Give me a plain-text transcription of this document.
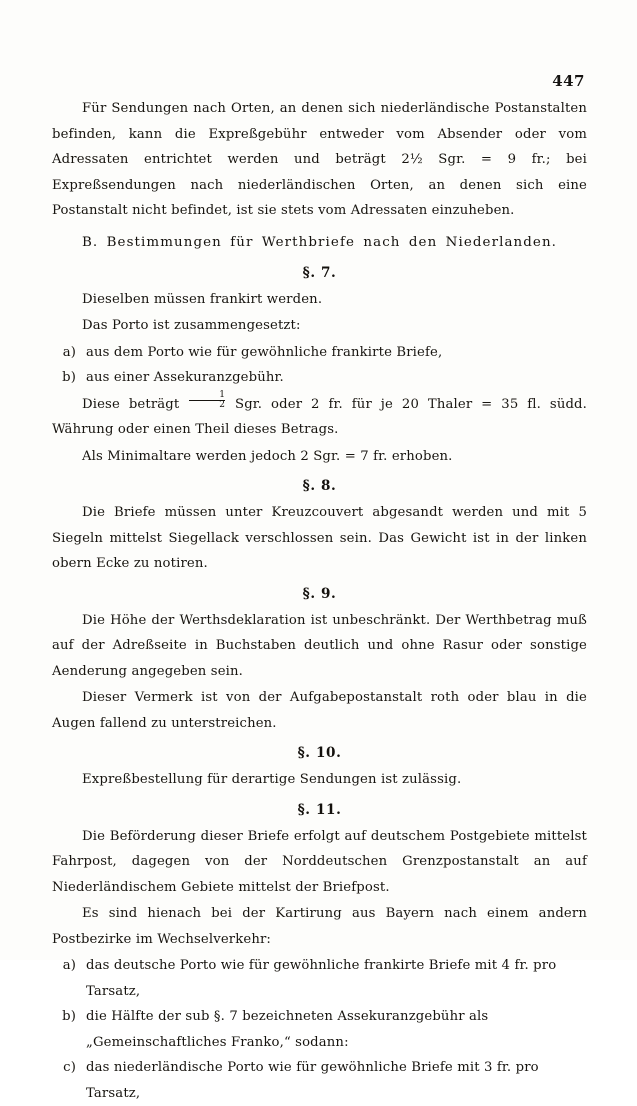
447

Für Sendungen nach Orten, an denen sich niederländische Postanstalten befinden, kann die Expreßgebühr entweder vom Absender oder vom Adressaten entrichtet werden und beträgt 2½ Sgr. = 9 fr.; bei Expreßsendungen nach niederländischen Orten, an denen sich eine Postanstalt nicht befindet, ist sie stets vom Adressaten einzuheben.

B. Bestimmungen für Werthbriefe nach den Niederlanden.

§. 7.

Dieselben müssen frankirt werden.

Das Porto ist zusammengesetzt:

a) aus dem Porto wie für gewöhnliche frankirte Briefe,
b) aus einer Assekuranzgebühr.

Diese beträgt $\frac{1}{2}$ Sgr. oder 2 fr. für je 20 Thaler = 35 fl. südd. Währung oder einen Theil dieses Betrags.

Als Minimaltare werden jedoch 2 Sgr. = 7 fr. erhoben.

§. 8.

Die Briefe müssen unter Kreuzcouvert abgesandt werden und mit 5 Siegeln mittelst Siegellack verschlossen sein. Das Gewicht ist in der linken obern Ecke zu notiren.

§. 9.

Die Höhe der Werthsdeklaration ist unbeschränkt. Der Werthbetrag muß auf der Adreßseite in Buchstaben deutlich und ohne Rasur oder sonstige Aenderung angegeben sein.

Dieser Vermerk ist von der Aufgabepostanstalt roth oder blau in die Augen fallend zu unterstreichen.

§. 10.

Expreßbestellung für derartige Sendungen ist zulässig.

§. 11.

Die Beförderung dieser Briefe erfolgt auf deutschem Postgebiete mittelst Fahrpost, dagegen von der Norddeutschen Grenzpostanstalt an auf Niederländischem Gebiete mittelst der Briefpost.

Es sind hienach bei der Kartirung aus Bayern nach einem andern Postbezirke im Wechselverkehr:

a) das deutsche Porto wie für gewöhnliche frankirte Briefe mit 4 fr. pro Tarsatz,
b) die Hälfte der sub §. 7 bezeichneten Assekuranzgebühr als „Gemeinschaftliches Franko,“ sodann:
c) das niederländische Porto wie für gewöhnliche Briefe mit 3 fr. pro Tarsatz,
